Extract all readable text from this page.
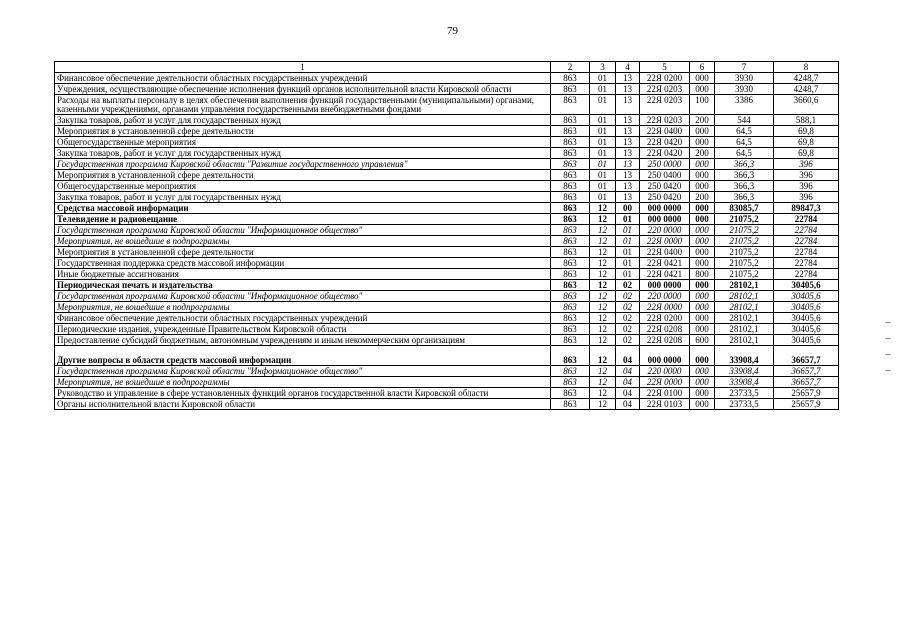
79
1	2	3	4	5	6	7	8
Финансовое обеспечение деятельности областных государственных учреждений	863	01	13	22Я 0200	000	3930	4248,7
Учреждения, осуществляющие обеспечение исполнения функций органов исполнительной власти Кировской области	863	01	13	22Я 0203	000	3930	4248,7
Расходы на выплаты персоналу в целях обеспечения выполнения функций государственными (муниципальными) органами, казенными учреждениями, органами управления государственными внебюджетными фондами	863	01	13	22Я 0203	100	3386	3660,6
Закупка товаров, работ и услуг для государственных нужд	863	01	13	22Я 0203	200	544	588,1
Мероприятия в установленной сфере деятельности	863	01	13	22Я 0400	000	64,5	69,8
Общегосударственные мероприятия	863	01	13	22Я 0420	000	64,5	69,8
Закупка товаров, работ и услуг для государственных нужд	863	01	13	22Я 0420	200	64,5	69,8
Государственная программа Кировской области "Развитие государственного управления"	863	01	13	250 0000	000	366,3	396
Мероприятия в установленной сфере деятельности	863	01	13	250 0400	000	366,3	396
Общегосударственные мероприятия	863	01	13	250 0420	000	366,3	396
Закупка товаров, работ и услуг для государственных нужд	863	01	13	250 0420	200	366,3	396
Средства массовой информации	863	12	00	000 0000	000	83085,7	89847,3
Телевидение и радиовещание	863	12	01	000 0000	000	21075,2	22784
Государственная программа Кировской области "Информационное общество"	863	12	01	220 0000	000	21075,2	22784
Мероприятия, не вошедшие в подпрограммы	863	12	01	22Я 0000	000	21075,2	22784
Мероприятия в установленной сфере деятельности	863	12	01	22Я 0400	000	21075,2	22784
Государственная поддержка средств массовой информации	863	12	01	22Я 0421	000	21075,2	22784
Иные бюджетные ассигнования	863	12	01	22Я 0421	800	21075,2	22784
Периодическая печать и издательства	863	12	02	000 0000	000	28102,1	30405,6
Государственная программа Кировской области "Информационное общество"	863	12	02	220 0000	000	28102,1	30405,6
Мероприятия, не вошедшие в подпрограммы	863	12	02	22Я 0000	000	28102,1	30405,6
Финансовое обеспечение деятельности областных государственных учреждений	863	12	02	22Я 0200	000	28102,1	30405,6
Периодические издания, учрежденные Правительством Кировской области	863	12	02	22Я 0208	000	28102,1	30405,6
Предоставление субсидий бюджетным, автономным учреждениям и иным некоммерческим организациям	863	12	02	22Я 0208	600	28102,1	30405,6
Другие вопросы в области средств массовой информации	863	12	04	000 0000	000	33908,4	36657,7
Государственная программа Кировской области "Информационное общество"	863	12	04	220 0000	000	33908,4	36657,7
Мероприятия, не вошедшие в подпрограммы	863	12	04	22Я 0000	000	33908,4	36657,7
Руководство и управление в сфере установленных функций органов государственной власти Кировской области	863	12	04	22Я 0100	000	23733,5	25657,9
Органы исполнительной власти Кировской области	863	12	04	22Я 0103	000	23733,5	25657,9
